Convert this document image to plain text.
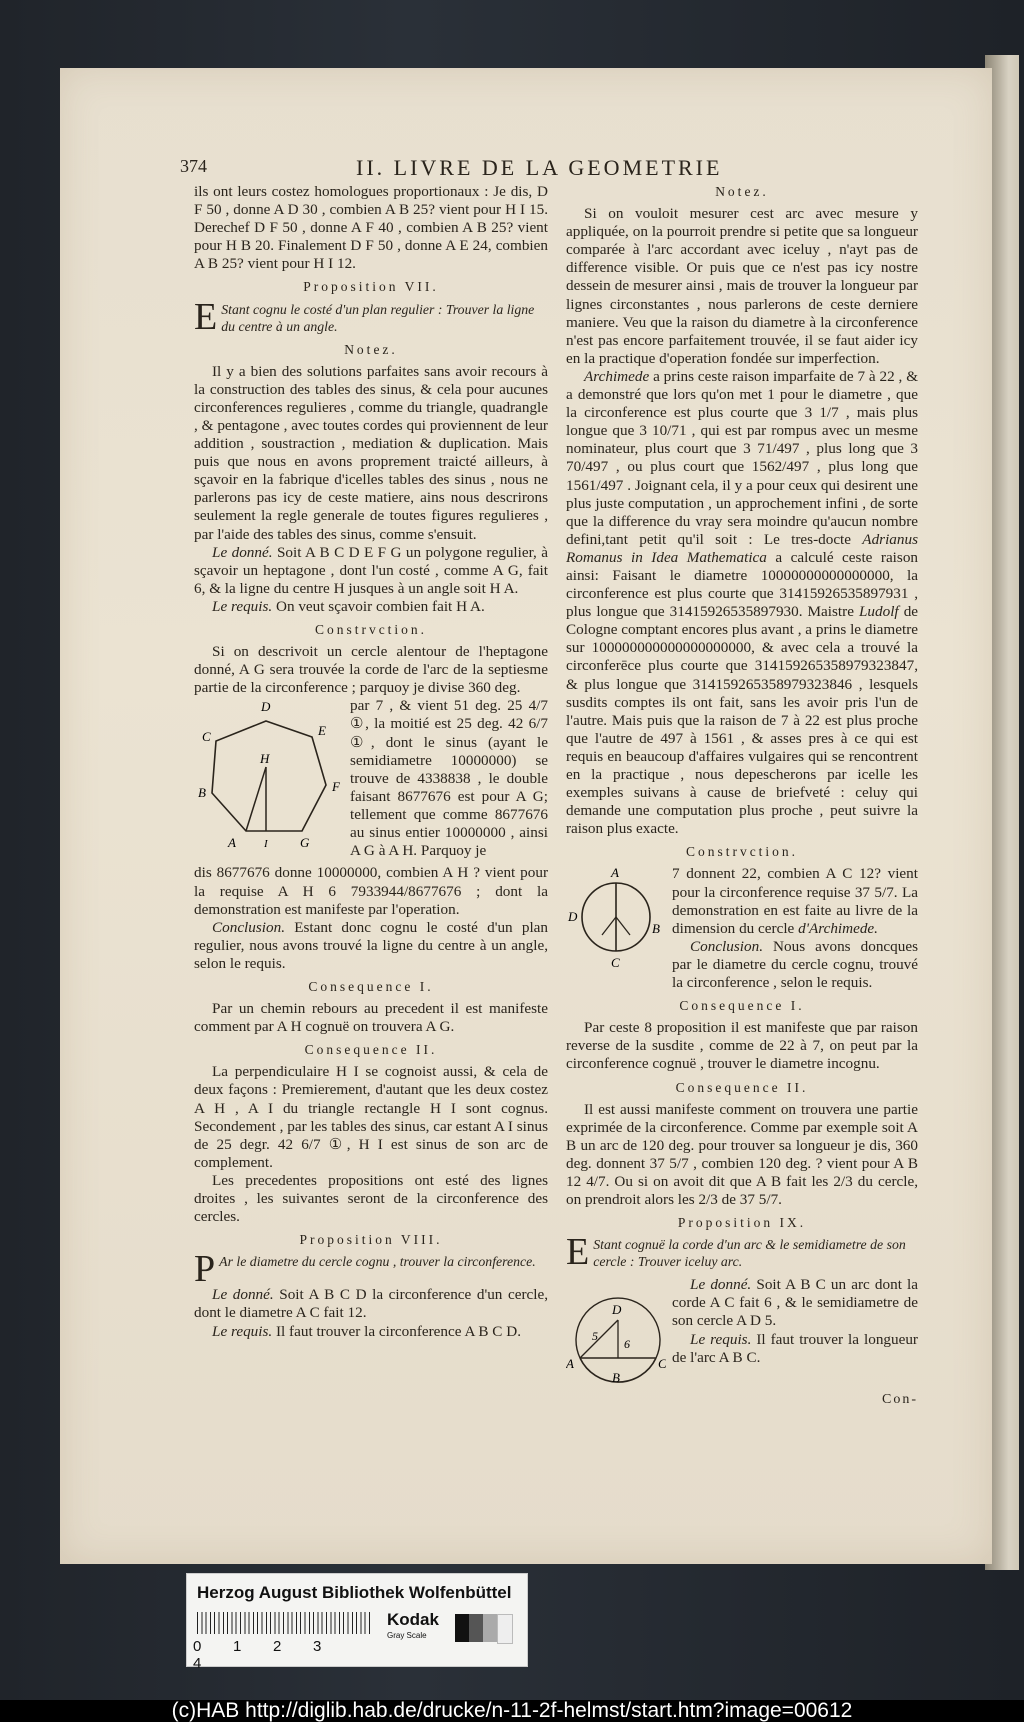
374	II. LIVRE DE LA GEOMETRIE

ils ont leurs costez homologues proportionaux : Je dis, D F 50 , donne A D 30 , combien A B 25? vient pour H I 15. Derechef D F 50 , donne A F 40 , combien A B 25? vient pour H B 20. Finalement D F 50 , donne A E 24, combien A B 25? vient pour H I 12.

Proposition VII.
E Stant cognu le costé d'un plan regulier : Trouver la ligne du centre à un angle.
Notez.

Il y a bien des solutions parfaites sans avoir recours à la construction des tables des sinus, & cela pour aucunes circonferences regulieres , comme du triangle, quadrangle , & pentagone , avec toutes cordes qui proviennent de leur addition , soustraction , mediation & duplication. Mais puis que nous en avons proprement traicté ailleurs, à sçavoir en la fabrique d'icelles tables des sinus , nous ne parlerons pas icy de ceste matiere, ains nous descrirons seulement la regle generale de toutes figures regulieres , par l'aide des tables des sinus, comme s'ensuit.

Le donné. Soit A B C D E F G un polygone regulier, à sçavoir un heptagone , dont l'un costé , comme A G, fait 6, & la ligne du centre H jusques à un angle soit H A.

Le requis. On veut sçavoir combien fait H A.

Constrvction.

Si on descrivoit un cercle alentour de l'heptagone donné, A G sera trouvée la corde de l'arc de la septiesme partie de la circonference ; parquoy je divise 360 deg.

D
E
F
G
I
A
B
C
H

par 7 , & vient 51 deg. 25 4/7 ①, la moitié est 25 deg. 42 6/7 ①, dont le sinus (ayant le semidiametre 10000000) se trouve de 4338838 , le double faisant 8677676 est pour A G; tellement que comme 8677676 au sinus entier 10000000 , ainsi A G à A H. Parquoy je

dis 8677676 donne 10000000, combien A H ? vient pour la requise A H 6 7933944/8677676 ; dont la demonstration est manifeste par l'operation.

Conclusion. Estant donc cognu le costé d'un plan regulier, nous avons trouvé la ligne du centre à un angle, selon le requis.

Consequence I.

Par un chemin rebours au precedent il est manifeste comment par A H cognuë on trouvera A G.

Consequence II.

La perpendiculaire H I se cognoist aussi, & cela de deux façons : Premierement, d'autant que les deux costez A H , A I du triangle rectangle H I sont cognus. Secondement , par les tables des sinus, car estant A I sinus de 25 degr. 42 6/7 ①, H I est sinus de son arc de complement.

Les precedentes propositions ont esté des lignes droites , les suivantes seront de la circonference des cercles.

Proposition VIII.
P Ar le diametre du cercle cognu , trouver la circonference.

Le donné. Soit A B C D la circonference d'un cercle, dont le diametre A C fait 12.

Le requis. Il faut trouver la circonference A B C D.

Notez.

Si on vouloit mesurer cest arc avec mesure y appliquée, on la pourroit prendre si petite que sa longueur comparée à l'arc accordant avec iceluy , n'ayt pas de difference visible. Or puis que ce n'est pas icy nostre dessein de mesurer ainsi , mais de trouver la longueur par lignes circonstantes , nous parlerons de ceste derniere maniere. Veu que la raison du diametre à la circonference n'est pas encore parfaitement trouvée, il se faut aider icy en la practique d'operation fondée sur imperfection.

Archimede a prins ceste raison imparfaite de 7 à 22 , & a demonstré que lors qu'on met 1 pour le diametre , que la circonference est plus courte que 3 1/7 , mais plus longue que 3 10/71 , qui est par rompus avec un mesme nominateur, plus court que 3 71/497 , plus long que 3 70/497 , ou plus court que 1562/497 , plus long que 1561/497 . Joignant cela, il y a pour ceux qui desirent une plus juste computation , un approchement infini , de sorte que la difference du vray sera moindre qu'aucun nombre defini,tant petit qu'il soit : Le tres-docte Adrianus Romanus in Idea Mathematica a calculé ceste raison ainsi: Faisant le diametre 10000000000000000, la circonference est plus courte que 31415926535897931 , plus longue que 31415926535897930. Maistre Ludolf de Cologne comptant encores plus avant , a prins le diametre sur 100000000000000000000, & avec cela a trouvé la circonferēce plus courte que 314159265358979323847, & plus longue que 314159265358979323846 , lesquels susdits comptes ils ont fait, sans les avoir pris l'un de l'autre. Mais puis que la raison de 7 à 22 est plus proche que l'autre de 497 à 1561 , & asses pres à ce qui est requis en beaucoup d'affaires vulgaires qui se rencontrent en la practique , nous depescherons par icelle les exemples suivans à cause de briefveté : celuy qui demande une computation plus proche , peut suivre la raison plus exacte.

Constrvction.
A
B
C
D

7 donnent 22, combien A C 12? vient pour la circonference requise 37 5/7. La demonstration en est faite au livre de la dimension du cercle d'Archimede.

Conclusion. Nous avons doncques par le diametre du cercle cognu, trouvé la circonference , selon le requis.

Consequence I.

Par ceste 8 proposition il est manifeste que par raison reverse de la susdite , comme de 22 à 7, on peut par la circonference cognuë , trouver le diametre incognu.

Consequence II.

Il est aussi manifeste comment on trouvera une partie exprimée de la circonference. Comme par exemple soit A B un arc de 120 deg. pour trouver sa longueur je dis, 360 deg. donnent 37 5/7 , combien 120 deg. ? vient pour A B 12 4/7. Ou si on avoit dit que A B fait les 2/3 du cercle, on prendroit alors les 2/3 de 37 5/7.

Proposition IX.
E Stant cognuë la corde d'un arc & le semidiametre de son cercle : Trouver iceluy arc.
D
5
6
A
B
C

Le donné. Soit A B C un arc dont la corde A C fait 6 , & le semidiametre de son cercle A D 5.

Le requis. Il faut trouver la longueur de l'arc A B C.

Con-
Herzog August Bibliothek Wolfenbüttel
0 1 2 34
Kodak
Gray Scale
(c)HAB http://diglib.hab.de/drucke/n-11-2f-helmst/start.htm?image=00612
